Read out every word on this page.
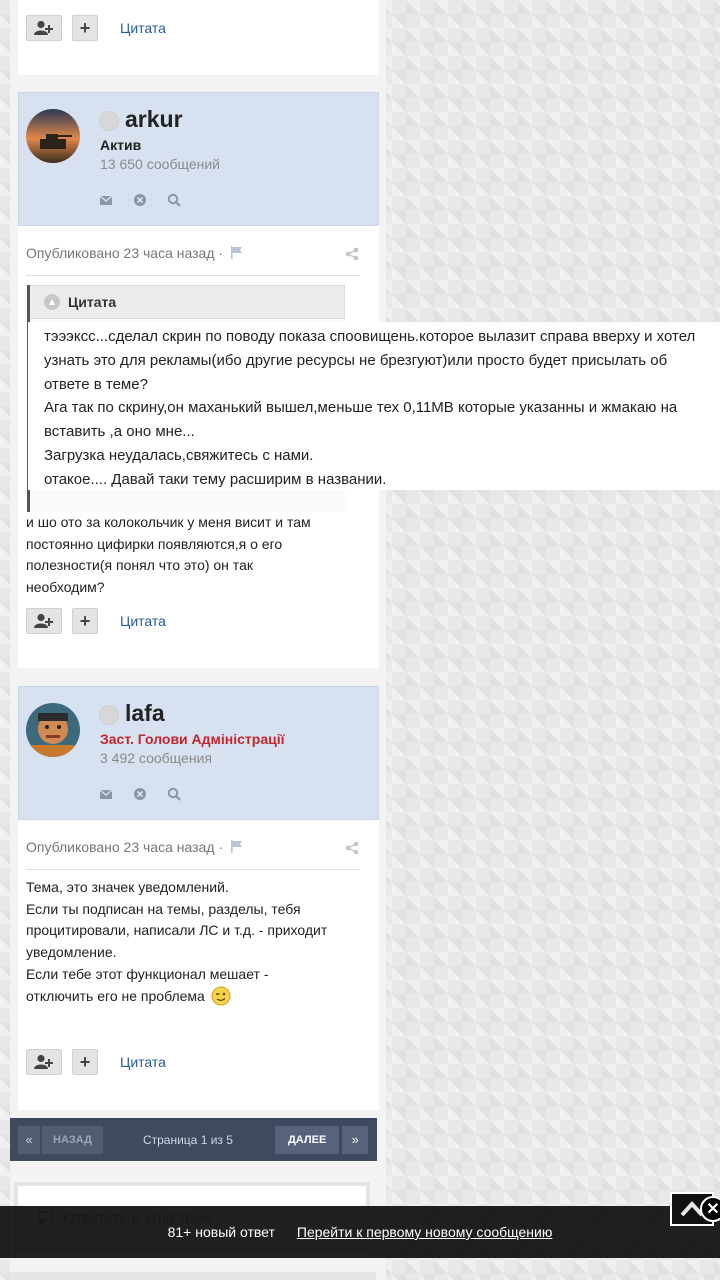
+ Цитата
arkur
Актив
13 650 сообщений
Опубликовано 23 часа назад ·
▲ Цитата
и шо ото за колокольчик у меня висит и там
постоянно цифирки появляются,я о его
полезности(я понял что это) он так
необходим?
+ Цитата
lafa
Заст. Голови Адміністрації
3 492 сообщения
Опубликовано 23 часа назад ·
Тема, это значек уведомлений.
Если ты подписан на темы, разделы, тебя
процитировали, написали ЛС и т.д. - приходит
уведомление.
Если тебе этот функционал мешает -
отключить его не проблема
+ Цитата
тэээксс...сделал скрин по поводу показа споовищень.которое вылазит справа вверху и хотел
узнать это для рекламы(ибо другие ресурсы не брезгуют)или просто будет присылать об
ответе в теме?
Ага так по скрину,он маханький вышел,меньше тех 0,11МВ которые указанны и жмакаю на
вставить ,а оно мне...
Загрузка неудалась,свяжитесь с нами.
отакое.... Давай таки тему расширим в названии.
«	НАЗАД	Страница 1 из 5	ДАЛЕЕ	»
81+ новый ответ Перейти к первому новому сообщению
✕
